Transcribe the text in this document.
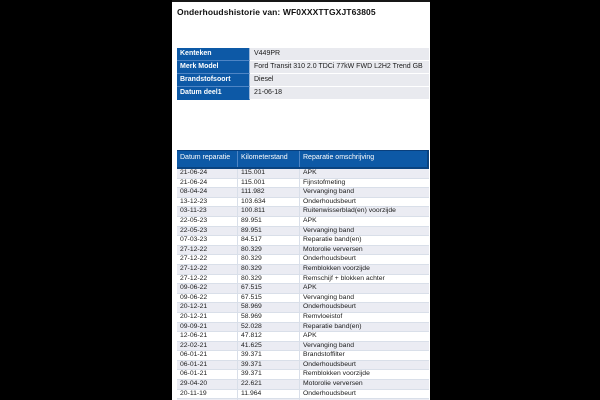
Onderhoudshistorie van: WF0XXXTTGXJT63805
Kenteken	V449PR
Merk Model	Ford Transit 310 2.0 TDCi 77kW FWD L2H2 Trend GB
Brandstofsoort	Diesel
Datum deel1	21-06-18
Datum reparatie	Kilometerstand	Reparatie omschrijving
21-06-24	115.001	APK
21-06-24	115.001	Fijnstofmeting
08-04-24	111.982	Vervanging band
13-12-23	103.634	Onderhoudsbeurt
03-11-23	100.811	Ruitenwisserblad(en) voorzijde
22-05-23	89.951	APK
22-05-23	89.951	Vervanging band
07-03-23	84.517	Reparatie band(en)
27-12-22	80.329	Motorolie verversen
27-12-22	80.329	Onderhoudsbeurt
27-12-22	80.329	Remblokken voorzijde
27-12-22	80.329	Remschijf + blokken achter
09-06-22	67.515	APK
09-06-22	67.515	Vervanging band
20-12-21	58.969	Onderhoudsbeurt
20-12-21	58.969	Remvloeistof
09-09-21	52.028	Reparatie band(en)
12-06-21	47.812	APK
22-02-21	41.625	Vervanging band
06-01-21	39.371	Brandstoffilter
06-01-21	39.371	Onderhoudsbeurt
06-01-21	39.371	Remblokken voorzijde
29-04-20	22.621	Motorolie verversen
20-11-19	11.964	Onderhoudsbeurt
